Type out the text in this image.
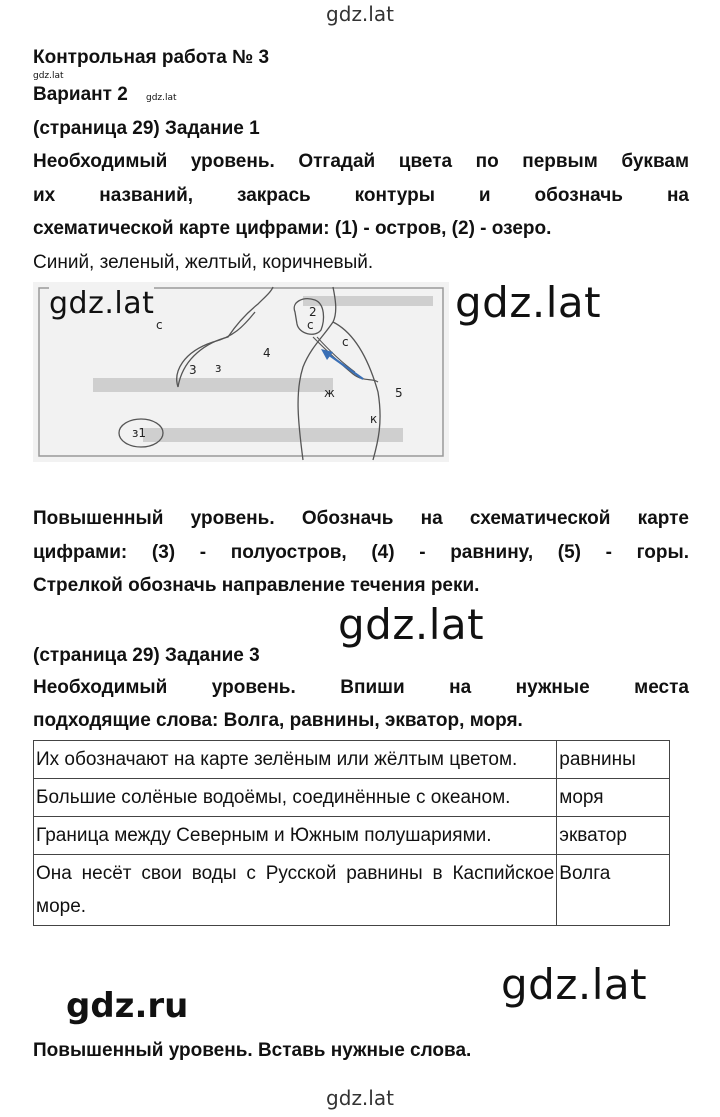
gdz.lat
Контрольная работа № 3
gdz.lat
Вариант 2 gdz.lat
(страница 29) Задание 1
Необходимый уровень. Отгадай цвета по первым буквам
их названий, закрась контуры и обозначь на
схематической карте цифрами: (1) - остров, (2) - озеро.
Синий, зеленый, желтый, коричневый.
с
2
с
с
3 з
4
ж	5
к
з1
gdz.lat	gdz.lat
Повышенный уровень. Обозначь на схематической карте
цифрами: (3) - полуостров, (4) - равнину, (5) - горы.
Стрелкой обозначь направление течения реки.
gdz.lat
(страница 29) Задание 3
Необходимый уровень. Впиши на нужные места
подходящие слова: Волга, равнины, экватор, моря.
Их обозначают на карте зелёным или жёлтым цветом.	равнины
Большие солёные водоёмы, соединённые с океаном.	моря
Граница между Северным и Южным полушариями.	экватор
Она несёт свои воды с Русской равнины в Каспийское море.	Волга
gdz.ru	gdz.lat
Повышенный уровень. Вставь нужные слова.
gdz.lat
